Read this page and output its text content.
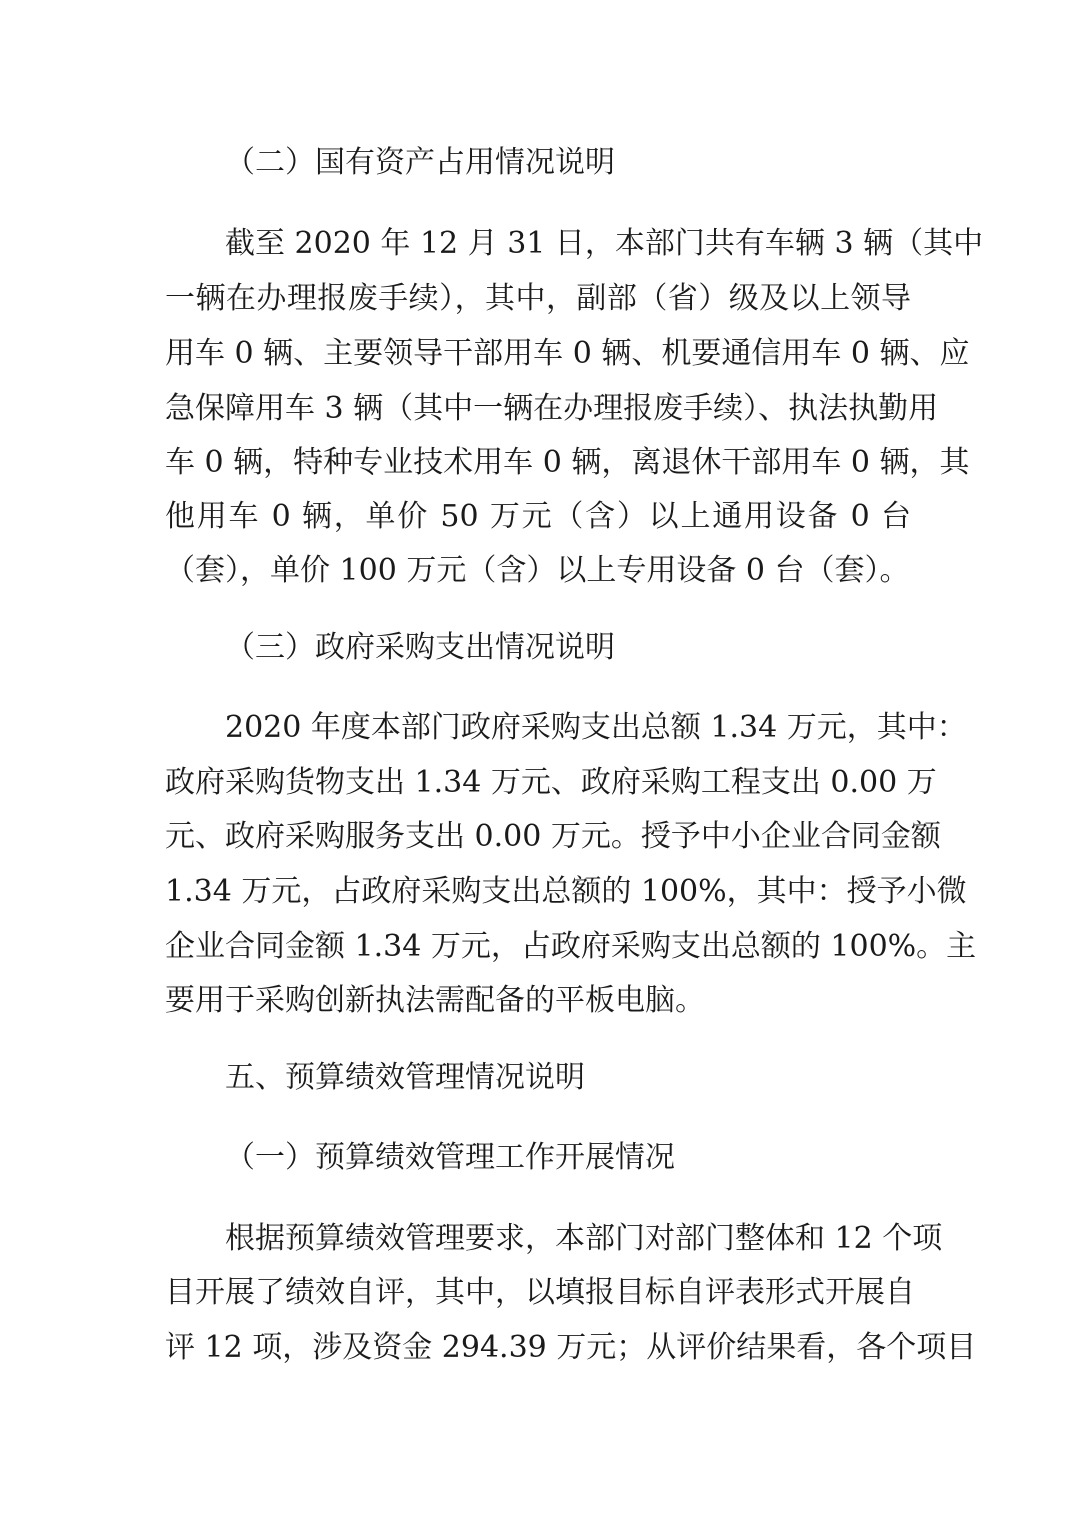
（二）国有资产占用情况说明
截至 2020 年 12 月 31 日，本部门共有车辆 3 辆（其中
一辆在办理报废手续），其中，副部（省）级及以上领导
用车 0 辆、主要领导干部用车 0 辆、机要通信用车 0 辆、应
急保障用车 3 辆（其中一辆在办理报废手续）、执法执勤用
车 0 辆，特种专业技术用车 0 辆，离退休干部用车 0 辆，其
他用车 0 辆，单价 50 万元（含）以上通用设备 0 台
（套），单价 100 万元（含）以上专用设备 0 台（套）。
（三）政府采购支出情况说明
2020 年度本部门政府采购支出总额 1.34 万元，其中：
政府采购货物支出 1.34 万元、政府采购工程支出 0.00 万
元、政府采购服务支出 0.00 万元。授予中小企业合同金额
1.34 万元，占政府采购支出总额的 100%，其中：授予小微
企业合同金额 1.34 万元，占政府采购支出总额的 100%。主
要用于采购创新执法需配备的平板电脑。
五、预算绩效管理情况说明
（一）预算绩效管理工作开展情况
根据预算绩效管理要求，本部门对部门整体和 12 个项
目开展了绩效自评，其中，以填报目标自评表形式开展自
评 12 项，涉及资金 294.39 万元；从评价结果看，各个项目
